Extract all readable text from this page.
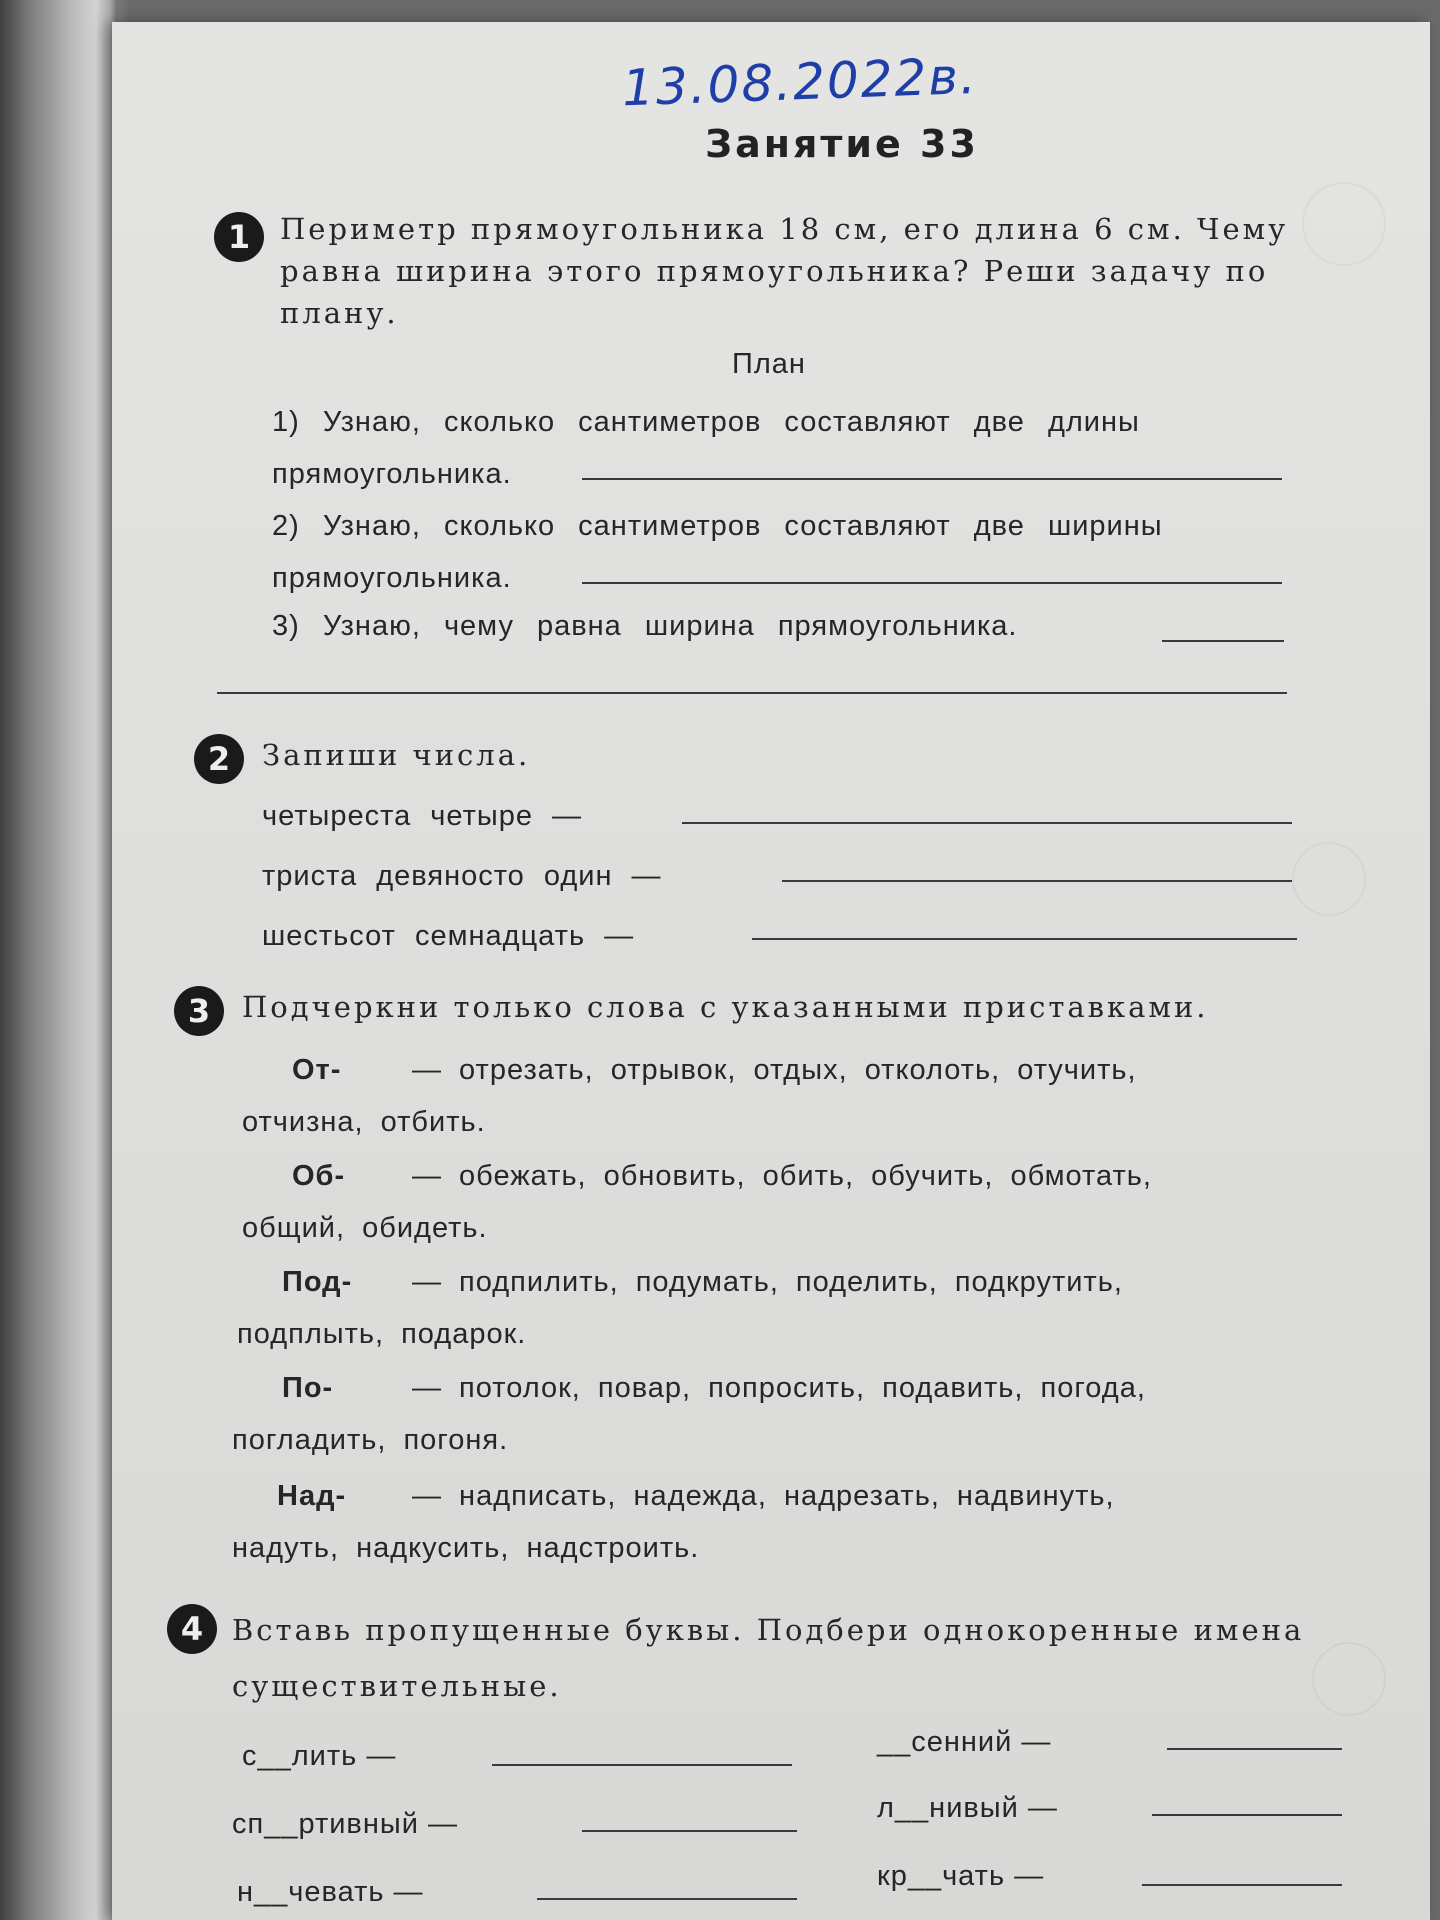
13.08.2022в.
Занятие 33
1	Периметр прямоугольника 18 см, его длина 6 см. Чему равна ширина этого прямоугольника? Реши задачу по плану.
План
1) Узнаю, сколько сантиметров составляют две длины прямоугольника.
2) Узнаю, сколько сантиметров составляют две ширины прямоугольника.
3) Узнаю, чему равна ширина прямоугольника.
2	Запиши числа.
четыреста четыре —
триста девяносто один —
шестьсот семнадцать —
3	Подчеркни только слова с указанными приставками.
От- — отрезать, отрывок, отдых, отколоть, отучить,
отчизна, отбить.
Об- — обежать, обновить, обить, обучить, обмотать,
общий, обидеть.
Под- — подпилить, подумать, поделить, подкрутить,
подплыть, подарок.
По-	— потолок, повар, попросить, подавить, погода,
погладить, погоня.
Над- — надписать, надежда, надрезать, надвинуть,
надуть, надкусить, надстроить.
4 Вставь пропущенные буквы. Подбери однокоренные имена существительные.
с__лить —
сп__ртивный —
н__чевать —
__сенний —
л__нивый —
кр__чать —
